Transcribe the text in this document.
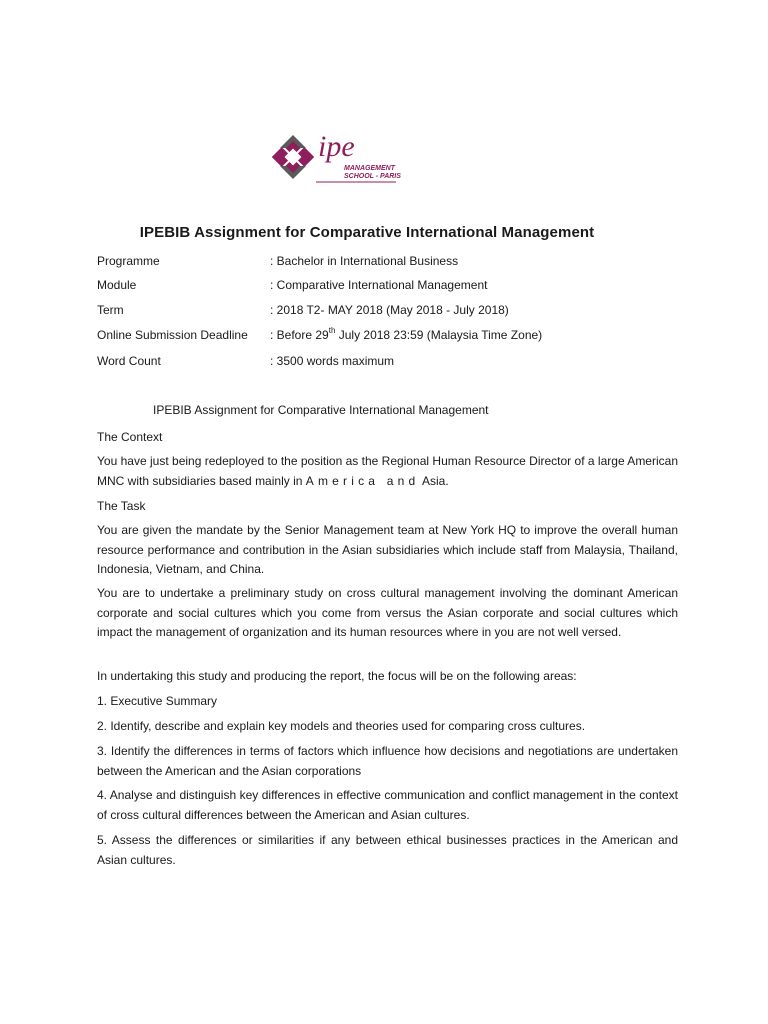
ipe
MANAGEMENT
SCHOOL - PARIS
IPEBIB Assignment for Comparative International Management
Programme	: Bachelor in International Business
Module	: Comparative International Management
Term	: 2018 T2- MAY 2018 (May 2018 - July 2018)
Online Submission Deadline : Before 29th July 2018 23:59 (Malaysia Time Zone)
Word Count	: 3500 words maximum
IPEBIB Assignment for Comparative International Management
The Context
You have just being redeployed to the position as the Regional Human Resource Director of a large American MNC with subsidiaries based mainly in America and Asia.
The Task
You are given the mandate by the Senior Management team at New York HQ to improve the overall human resource performance and contribution in the Asian subsidiaries which include staff from Malaysia, Thailand, Indonesia, Vietnam, and China.
You are to undertake a preliminary study on cross cultural management involving the dominant American corporate and social cultures which you come from versus the Asian corporate and social cultures which impact the management of organization and its human resources where in you are not well versed.
In undertaking this study and producing the report, the focus will be on the following areas:
1. Executive Summary
2. Identify, describe and explain key models and theories used for comparing cross cultures.
3. Identify the differences in terms of factors which influence how decisions and negotiations are undertaken between the American and the Asian corporations
4. Analyse and distinguish key differences in effective communication and conflict management in the context of cross cultural differences between the American and Asian cultures.
5. Assess the differences or similarities if any between ethical businesses practices in the American and Asian cultures.
